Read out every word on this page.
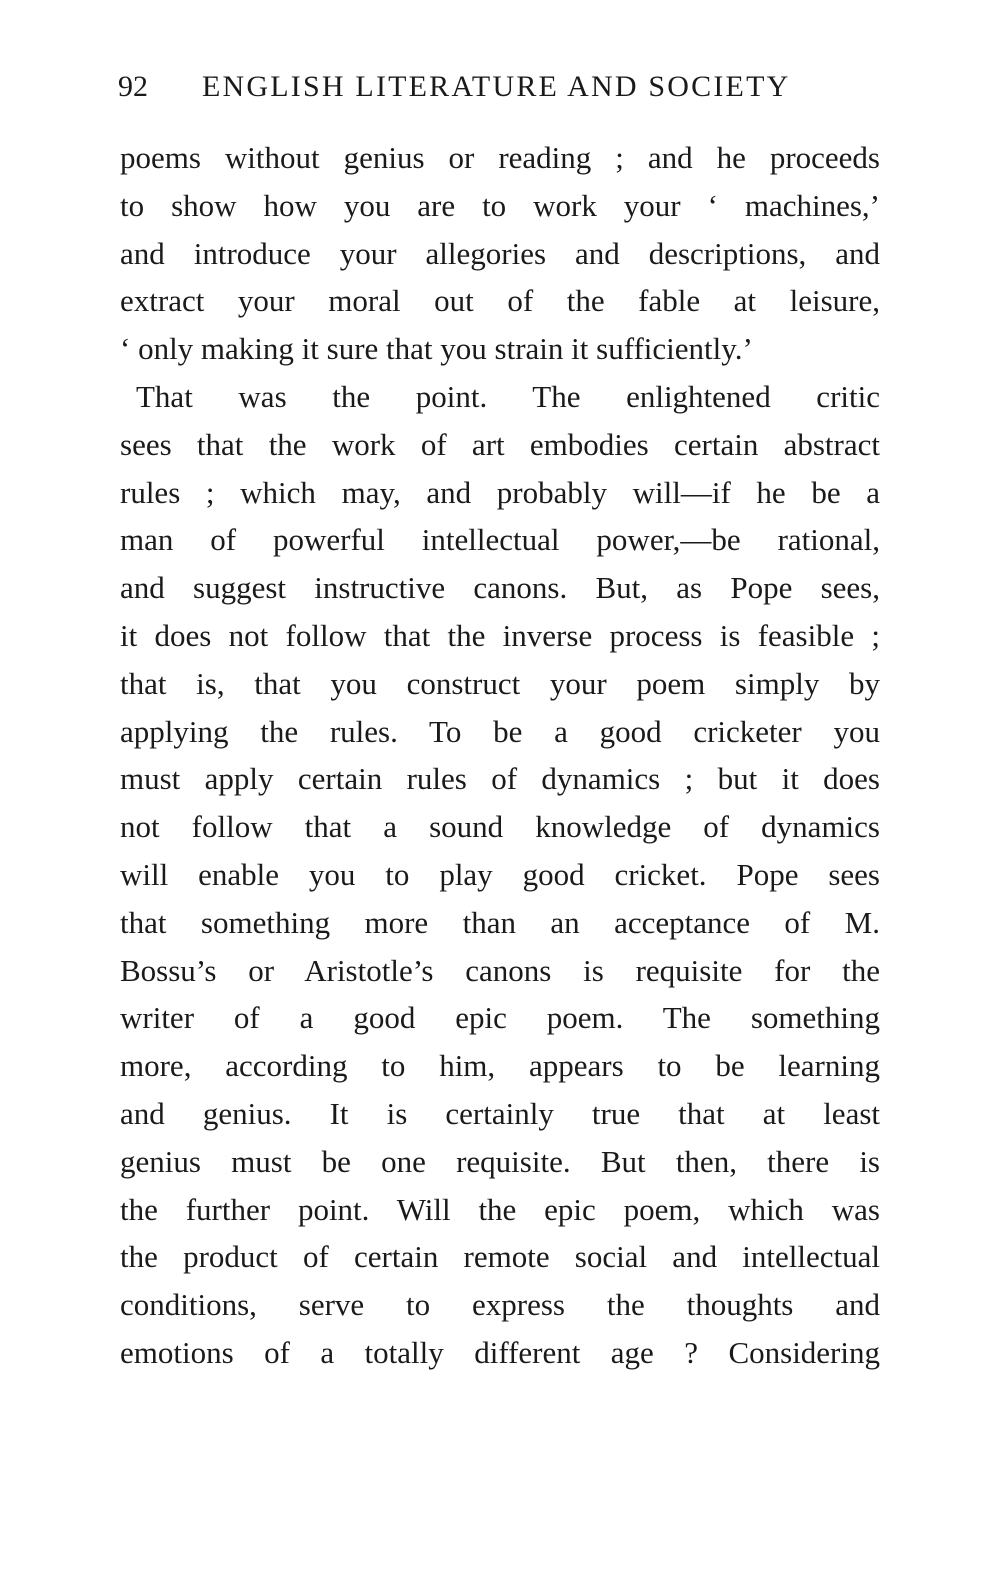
92 ENGLISH LITERATURE AND SOCIETY
poems without genius or reading ; and he proceeds
to show how you are to work your ‘ machines,’
and introduce your allegories and descriptions, and
extract your moral out of the fable at leisure,
‘ only making it sure that you strain it sufficiently.’
That was the point. The enlightened critic
sees that the work of art embodies certain abstract
rules ; which may, and probably will—if he be a
man of powerful intellectual power,—be rational,
and suggest instructive canons. But, as Pope sees,
it does not follow that the inverse process is feasible ;
that is, that you construct your poem simply by
applying the rules. To be a good cricketer you
must apply certain rules of dynamics ; but it does
not follow that a sound knowledge of dynamics
will enable you to play good cricket. Pope sees
that something more than an acceptance of M.
Bossu’s or Aristotle’s canons is requisite for the
writer of a good epic poem. The something
more, according to him, appears to be learning
and genius. It is certainly true that at least
genius must be one requisite. But then, there is
the further point. Will the epic poem, which was
the product of certain remote social and intellectual
conditions, serve to express the thoughts and
emotions of a totally different age ? Considering
